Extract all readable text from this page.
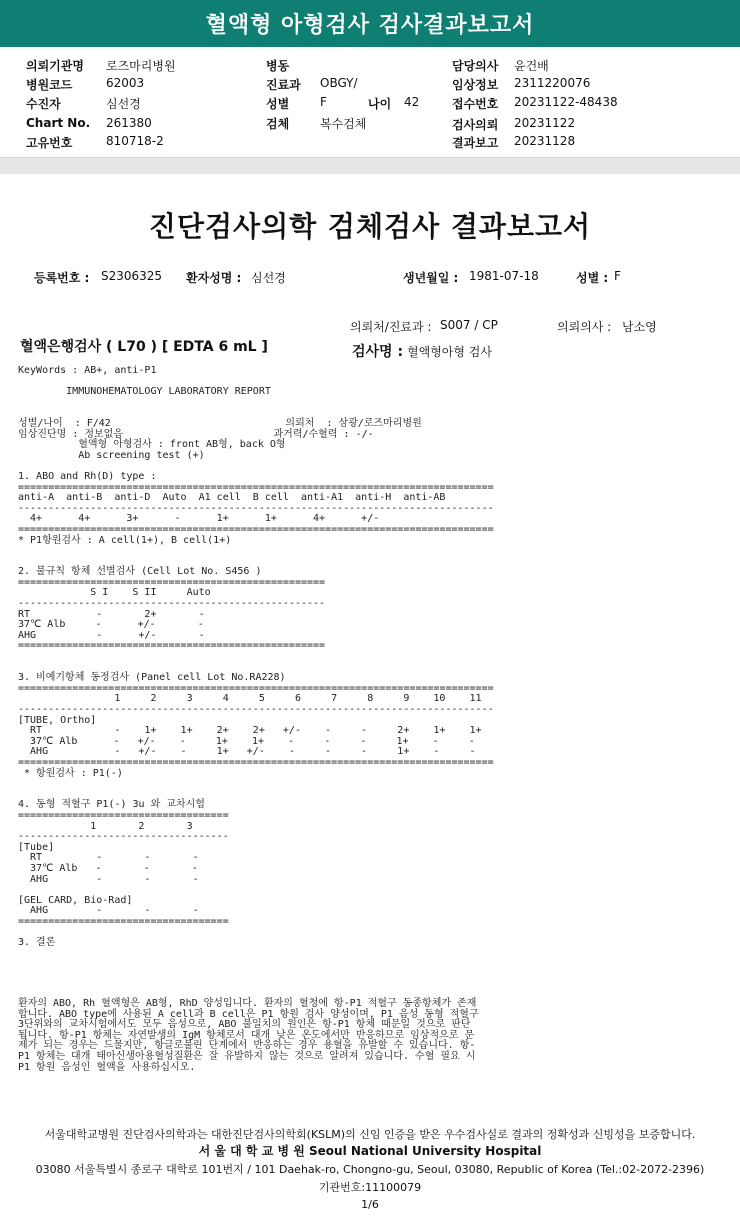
혈액형 아형검사 검사결과보고서
의뢰기관명 로즈마리병원
병원코드	62003
수진자	심선경
Chart No. 261380
고유번호	810718-2
병동
진료과 OBGY/
성별	F	나이 42
검체	복수검체
담당의사 윤건배
임상정보 2311220076
접수번호 20231122-48438
검사의뢰 20231122
결과보고 20231128
진단검사의학 검체검사 결과보고서
등록번호 : S2306325 환자성명 : 심선경	생년월일 : 1981-07-18	성별 : F
의뢰처/진료과 : S007 / CP	의뢰의사 : 남소영
혈액은행검사 ( L70 ) [ EDTA 6 mL ]	검사명 : 혈액형아형 검사
KeyWords : AB+, anti-P1

IMMUNOHEMATOLOGY LABORATORY REPORT

성별/나이  : F/42                             의뢰처  : 삼광/로즈마리병원
임상진단명 : 정보없음                         과거력/수혈력 : -/-
혈액형 아형검사 : front AB형, back O형
Ab screening test (+)

1. ABO and Rh(D) type :
===============================================================================
anti-A  anti-B  anti-D  Auto  A1 cell  B cell  anti-A1  anti-H  anti-AB
-------------------------------------------------------------------------------
4+      4+      3+      -      1+      1+      4+      +/-
===============================================================================
* P1항원검사 : A cell(1+), B cell(1+)

2. 불규칙 항체 선별검사 (Cell Lot No. S456 )
===================================================
S I    S II     Auto
---------------------------------------------------
RT           -       2+       -
37℃ Alb     -      +/-       -
AHG          -      +/-       -
===================================================

3. 비예기항체 동정검사 (Panel cell Lot No.RA228)
===============================================================================
1     2     3     4     5     6     7     8     9    10    11
-------------------------------------------------------------------------------
[TUBE, Ortho]
RT            -    1+    1+    2+    2+   +/-    -     -     2+    1+    1+
37℃ Alb      -   +/-    -     1+    1+    -     -     -     1+    -     -
AHG           -   +/-    -     1+   +/-    -     -     -     1+    -     -
===============================================================================
* 항원검사 : P1(-)

4. 동형 적혈구 P1(-) 3u 와 교차시험
===================================
1       2       3
-----------------------------------
[Tube]
RT         -       -       -
37℃ Alb   -       -       -
AHG        -       -       -

[GEL CARD, Bio-Rad]
AHG        -       -       -
===================================

3. 결론
환자의 ABO, Rh 혈액형은 AB형, RhD 양성입니다. 환자의 혈청에 항-P1 적혈구 동종항체가 존재합니다. ABO type에 사용된 A cell과 B cell은 P1 항원 검사 양성이며, P1 음성 동형 적혈구 3단위와의 교차시험에서도 모두 음성으로, ABO 불일치의 원인은 항-P1 항체 때문일 것으로 판단됩니다. 항-P1 항체는 자연발생의 IgM 항체로서 대개 낮은 온도에서만 반응하므로 임상적으로 문제가 되는 경우는 드물지만, 항글로불린 단계에서 반응하는 경우 용혈을 유발할 수 있습니다. 항-P1 항체는 대개 태아신생아용혈성질환은 잘 유발하지 않는 것으로 알려져 있습니다. 수혈 필요 시 P1 항원 음성인 혈액을 사용하십시오.
서울대학교병원 진단검사의학과는 대한진단검사의학회(KSLM)의 신임 인증을 받은 우수검사실로 결과의 정확성과 신빙성을 보증합니다.
서 울 대 학 교 병 원 Seoul National University Hospital
03080 서울특별시 종로구 대학로 101번지 / 101 Daehak-ro, Chongno-gu, Seoul, 03080, Republic of Korea (Tel.:02-2072-2396)
기관번호:11100079
1/6
